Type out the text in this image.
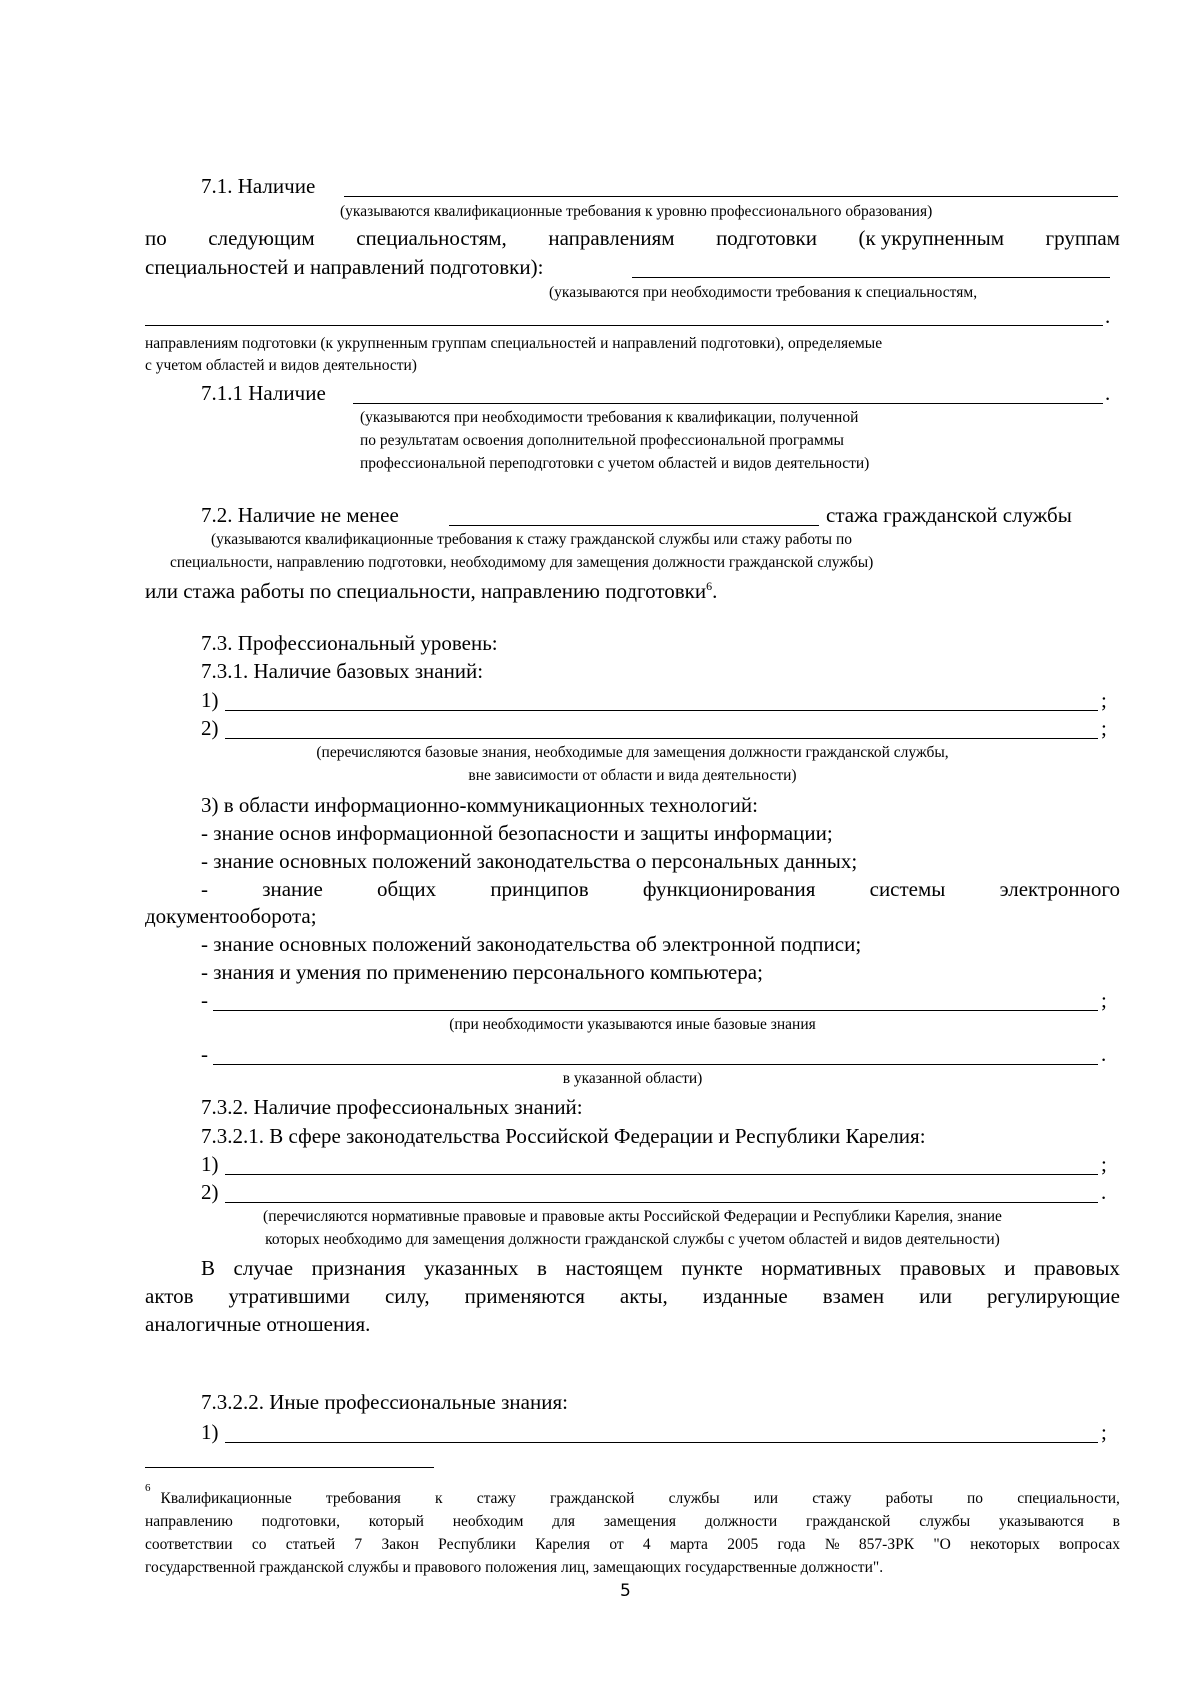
7.1. Наличие
(указываются квалификационные требования к уровню профессионального образования)
по следующим специальностям, направлениям подготовки (к укрупненным группам
специальностей и направлений подготовки):
(указываются при необходимости требования к специальностям,
.
направлениям подготовки (к укрупненным группам специальностей и направлений подготовки), определяемые
с учетом областей и видов деятельности)
7.1.1 Наличие	.
(указываются при необходимости требования к квалификации, полученной
по результатам освоения дополнительной профессиональной программы
профессиональной переподготовки с учетом областей и видов деятельности)
7.2. Наличие не менее	стажа гражданской службы
(указываются квалификационные требования к стажу гражданской службы или стажу работы по
специальности, направлению подготовки, необходимому для замещения должности гражданской службы)
или стажа работы по специальности, направлению подготовки$^6$.
7.3. Профессиональный уровень:
7.3.1. Наличие базовых знаний:
1)	;
2)	;
(перечисляются базовые знания, необходимые для замещения должности гражданской службы,
вне зависимости от области и вида деятельности)
3) в области информационно-коммуникационных технологий:
- знание основ информационной безопасности и защиты информации;
- знание основных положений законодательства о персональных данных;
-	знание	общих	принципов	функционирования	системы	электронного
документооборота;
- знание основных положений законодательства об электронной подписи;
- знания и умения по применению персонального компьютера;
-	;
(при необходимости указываются иные базовые знания
-	.
в указанной области)
7.3.2. Наличие профессиональных знаний:
7.3.2.1. В сфере законодательства Российской Федерации и Республики Карелия:
1)	;
2)	.
(перечисляются нормативные правовые и правовые акты Российской Федерации и Республики Карелия, знание
которых необходимо для замещения должности гражданской службы с учетом областей и видов деятельности)
В случае признания указанных в настоящем пункте нормативных правовых и правовых
актов утратившими силу, применяются акты, изданные взамен или регулирующие
аналогичные отношения.
7.3.2.2. Иные профессиональные знания:
1)	;
6
Квалификационные требования к стажу гражданской службы или стажу работы по специальности,
направлению подготовки, который необходим для замещения должности гражданской службы указываются в
соответствии со статьей 7 Закон Республики Карелия от 4 марта 2005 года № 857-ЗРК "О некоторых вопросах
государственной гражданской службы и правового положения лиц, замещающих государственные должности".
5
